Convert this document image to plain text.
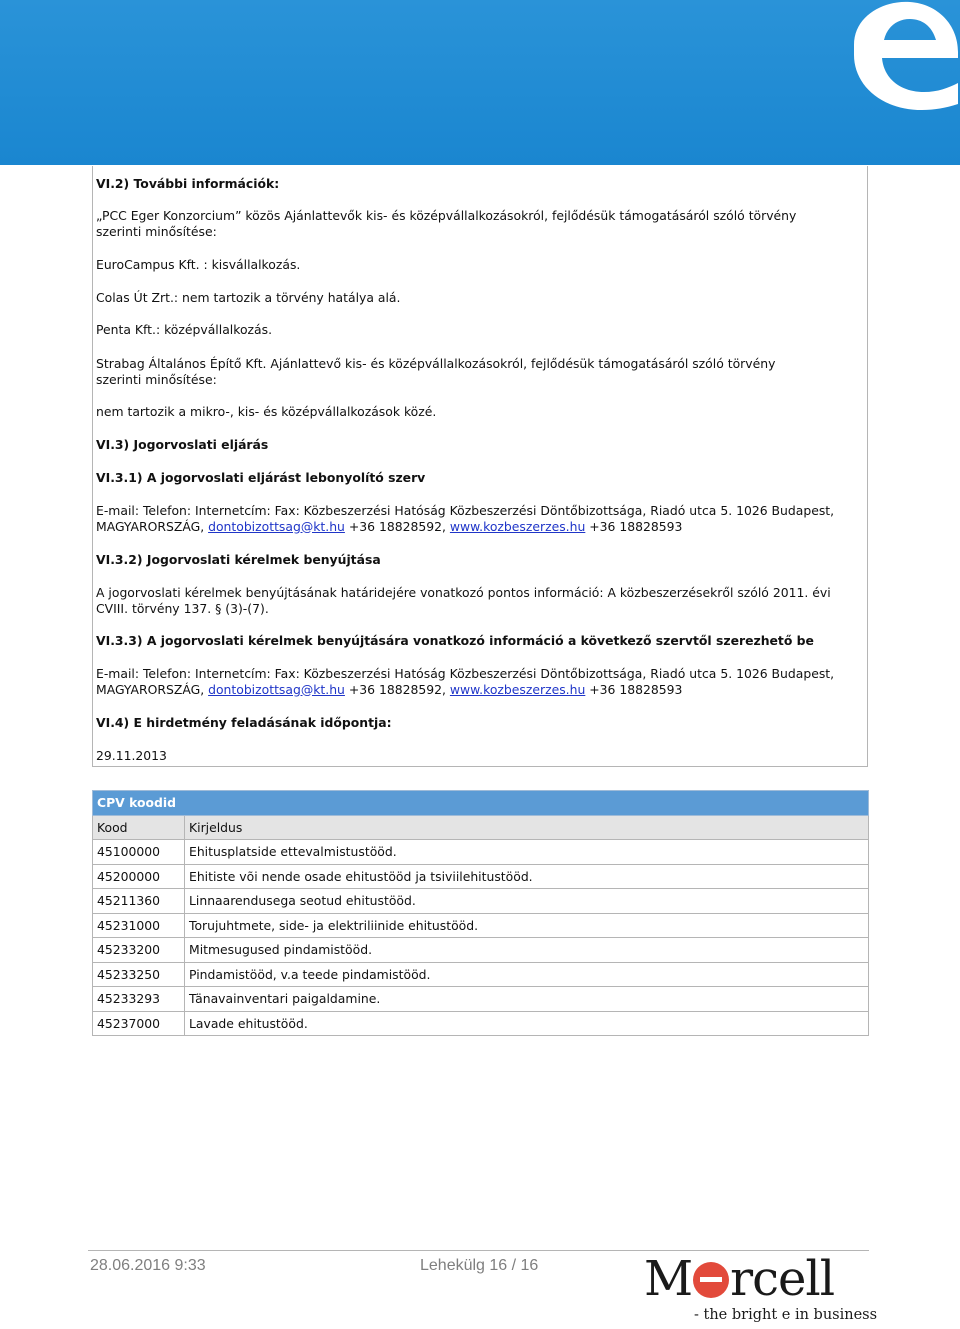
VI.2) További információk:
„PCC Eger Konzorcium” közös Ajánlattevők kis- és középvállalkozásokról, fejlődésük támogatásáról szóló törvény szerinti minősítése:
EuroCampus Kft. : kisvállalkozás.
Colas Út Zrt.: nem tartozik a törvény hatálya alá.
Penta Kft.: középvállalkozás.
Strabag Általános Építő Kft. Ajánlattevő kis- és középvállalkozásokról, fejlődésük támogatásáról szóló törvény szerinti minősítése:
nem tartozik a mikro-, kis- és középvállalkozások közé.
VI.3) Jogorvoslati eljárás
VI.3.1) A jogorvoslati eljárást lebonyolító szerv
E-mail: Telefon: Internetcím: Fax: Közbeszerzési Hatóság Közbeszerzési Döntőbizottsága, Riadó utca 5. 1026 Budapest, MAGYARORSZÁG, dontobizottsag@kt.hu +36 18828592, www.kozbeszerzes.hu +36 18828593
VI.3.2) Jogorvoslati kérelmek benyújtása
A jogorvoslati kérelmek benyújtásának határidejére vonatkozó pontos információ: A közbeszerzésekről szóló 2011. évi CVIII. törvény 137. § (3)-(7).
VI.3.3) A jogorvoslati kérelmek benyújtására vonatkozó információ a következő szervtől szerezhető be
E-mail: Telefon: Internetcím: Fax: Közbeszerzési Hatóság Közbeszerzési Döntőbizottsága, Riadó utca 5. 1026 Budapest, MAGYARORSZÁG, dontobizottsag@kt.hu +36 18828592, www.kozbeszerzes.hu +36 18828593
VI.4) E hirdetmény feladásának időpontja:
29.11.2013
CPV koodid	
Kood	Kirjeldus
45100000	Ehitusplatside ettevalmistustööd.
45200000	Ehitiste või nende osade ehitustööd ja tsiviilehitustööd.
45211360	Linnaarendusega seotud ehitustööd.
45231000	Torujuhtmete, side- ja elektriliinide ehitustööd.
45233200	Mitmesugused pindamistööd.
45233250	Pindamistööd, v.a teede pindamistööd.
45233293	Tänavainventari paigaldamine.
45237000	Lavade ehitustööd.
28.06.2016 9:33	Lehekülg 16 / 16 M rcell
- the bright e in business
